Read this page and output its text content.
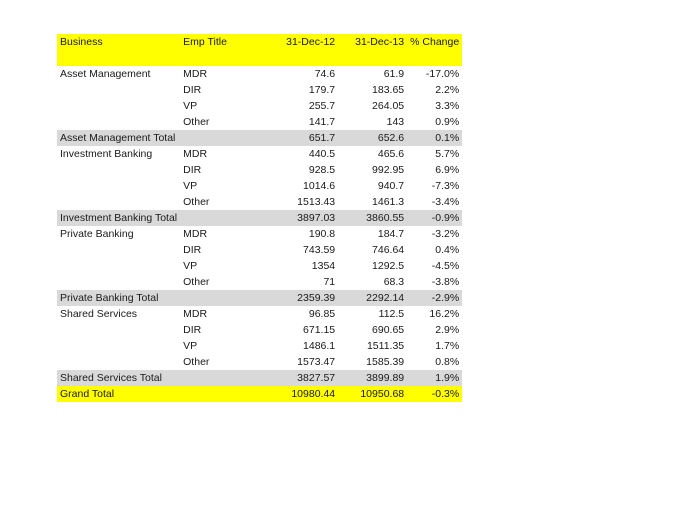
Business	Emp Title	31-Dec-12	31-Dec-13	% Change

Asset Management	MDR	74.6	61.9	-17.0%
	DIR	179.7	183.65	2.2%
	VP	255.7	264.05	3.3%
	Other	141.7	143	0.9%
Asset Management Total		651.7	652.6	0.1%
Investment Banking	MDR	440.5	465.6	5.7%
	DIR	928.5	992.95	6.9%
	VP	1014.6	940.7	-7.3%
	Other	1513.43	1461.3	-3.4%
Investment Banking Total		3897.03	3860.55	-0.9%
Private Banking	MDR	190.8	184.7	-3.2%
	DIR	743.59	746.64	0.4%
	VP	1354	1292.5	-4.5%
	Other	71	68.3	-3.8%
Private Banking Total		2359.39	2292.14	-2.9%
Shared Services	MDR	96.85	112.5	16.2%
	DIR	671.15	690.65	2.9%
	VP	1486.1	1511.35	1.7%
	Other	1573.47	1585.39	0.8%
Shared Services Total		3827.57	3899.89	1.9%
Grand Total		10980.44	10950.68	-0.3%
